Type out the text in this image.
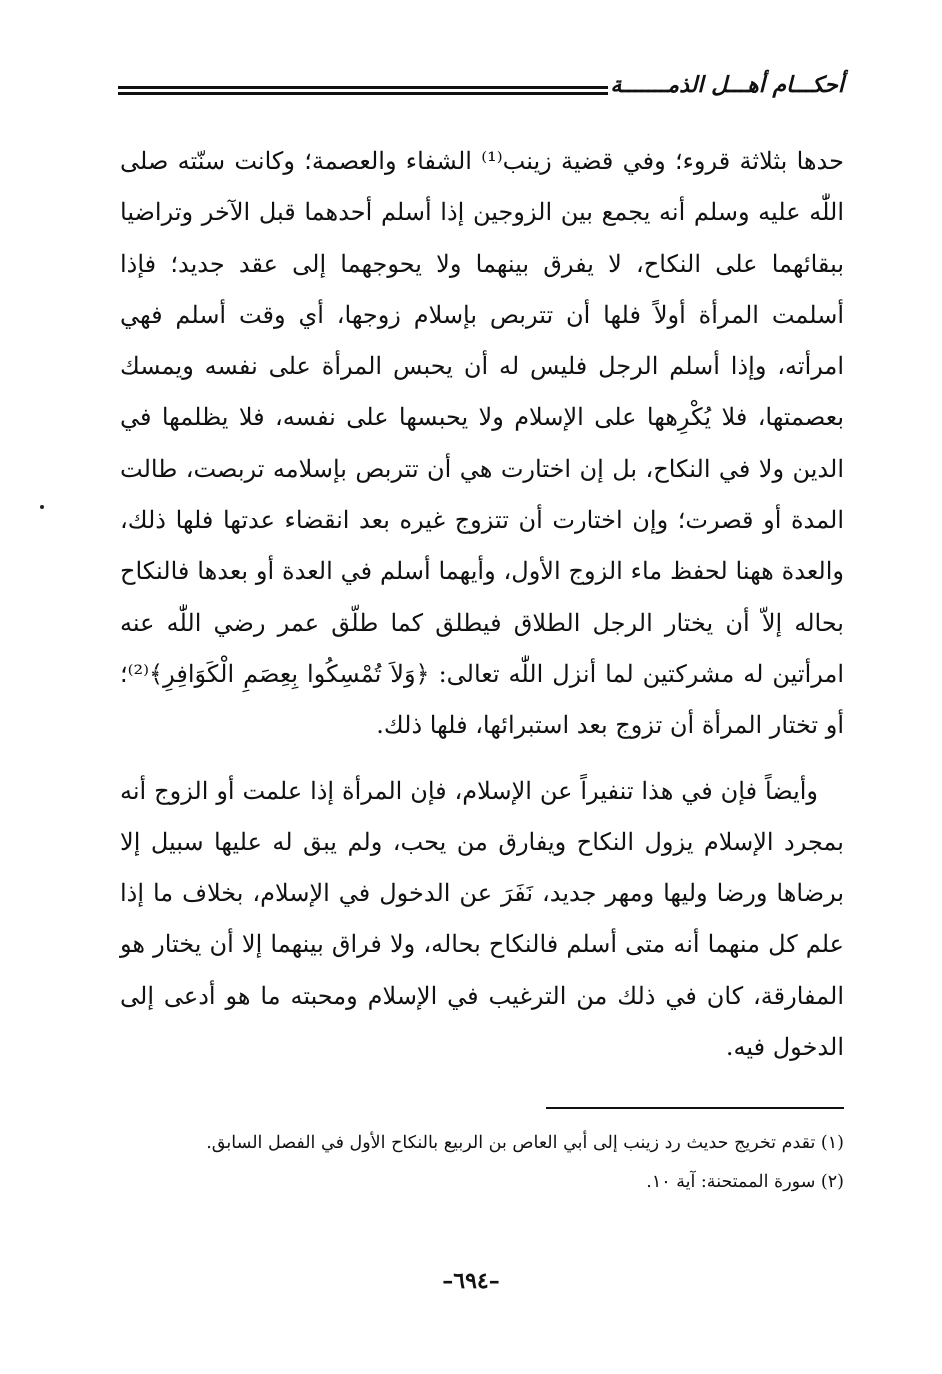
أحكـــام أهـــل الذمـــــــة

حدها بثلاثة قروء؛ وفي قضية زينب⁽¹⁾ الشفاء والعصمة؛ وكانت سنّته صلى اللّٰه عليه وسلم أنه يجمع بين الزوجين إذا أسلم أحدهما قبل الآخر وتراضيا ببقائهما على النكاح، لا يفرق بينهما ولا يحوجهما إلى عقد جديد؛ فإذا أسلمت المرأة أولاً فلها أن تتربص بإسلام زوجها، أي وقت أسلم فهي امرأته، وإذا أسلم الرجل فليس له أن يحبس المرأة على نفسه ويمسك بعصمتها، فلا يُكْرِهها على الإسلام ولا يحبسها على نفسه، فلا يظلمها في الدين ولا في النكاح، بل إن اختارت هي أن تتربص بإسلامه تربصت، طالت المدة أو قصرت؛ وإن اختارت أن تتزوج غيره بعد انقضاء عدتها فلها ذلك، والعدة ههنا لحفظ ماء الزوج الأول، وأيهما أسلم في العدة أو بعدها فالنكاح بحاله إلاّ أن يختار الرجل الطلاق فيطلق كما طلّق عمر رضي اللّٰه عنه امرأتين له مشركتين لما أنزل اللّٰه تعالى: ﴿وَلاَ تُمْسِكُوا بِعِصَمِ الْكَوَافِرِ﴾⁽²⁾؛ أو تختار المرأة أن تزوج بعد استبرائها، فلها ذلك.

وأيضاً فإن في هذا تنفيراً عن الإسلام، فإن المرأة إذا علمت أو الزوج أنه بمجرد الإسلام يزول النكاح ويفارق من يحب، ولم يبق له عليها سبيل إلا برضاها ورضا وليها ومهر جديد، نَفَرَ عن الدخول في الإسلام، بخلاف ما إذا علم كل منهما أنه متى أسلم فالنكاح بحاله، ولا فراق بينهما إلا أن يختار هو المفارقة، كان في ذلك من الترغيب في الإسلام ومحبته ما هو أدعى إلى الدخول فيه.

(١) تقدم تخريج حديث رد زينب إلى أبي العاص بن الربيع بالنكاح الأول في الفصل السابق.

(٢) سورة الممتحنة: آية ١٠.

–٦٩٤–
